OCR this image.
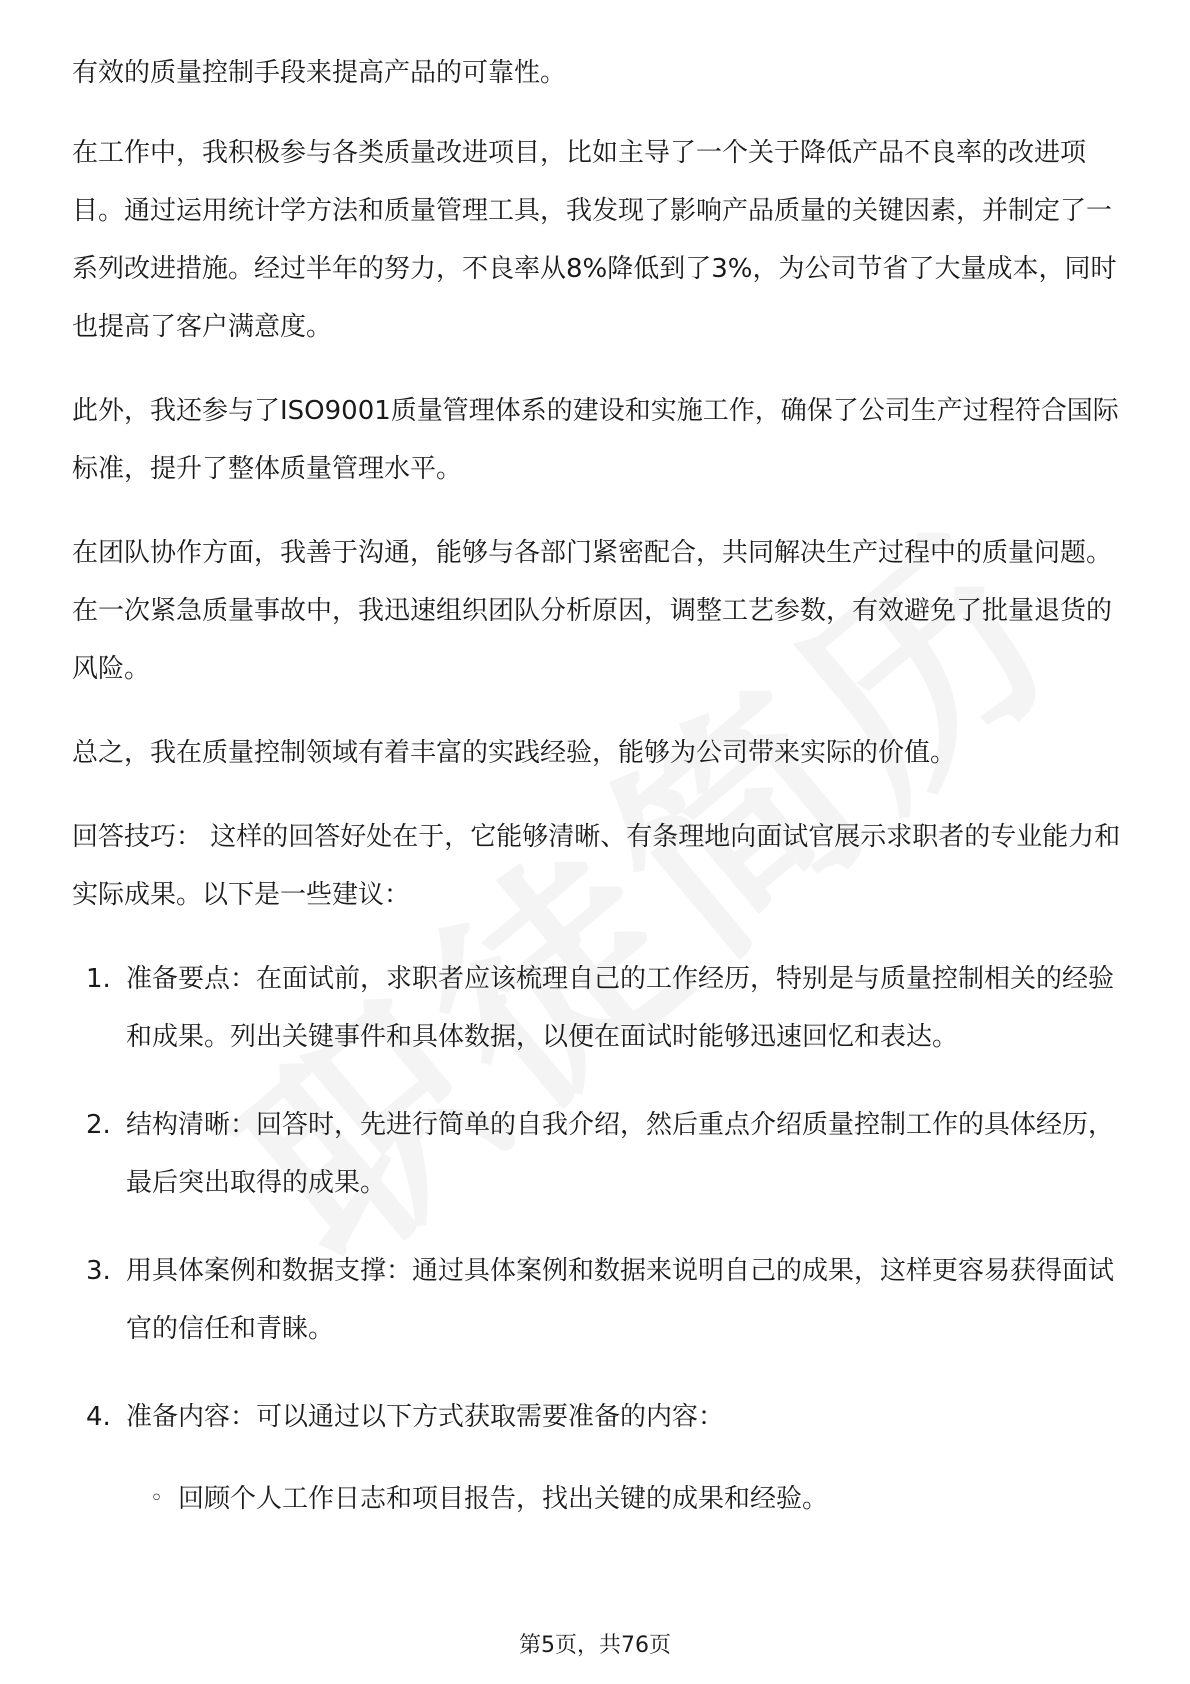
有效的质量控制手段来提高产品的可靠性。

在工作中，我积极参与各类质量改进项目，比如主导了一个关于降低产品不良率的改进项目。通过运用统计学方法和质量管理工具，我发现了影响产品质量的关键因素，并制定了一系列改进措施。经过半年的努力，不良率从8%降低到了3%，为公司节省了大量成本，同时也提高了客户满意度。

此外，我还参与了ISO9001质量管理体系的建设和实施工作，确保了公司生产过程符合国际标准，提升了整体质量管理水平。

在团队协作方面，我善于沟通，能够与各部门紧密配合，共同解决生产过程中的质量问题。在一次紧急质量事故中，我迅速组织团队分析原因，调整工艺参数，有效避免了批量退货的风险。

总之，我在质量控制领域有着丰富的实践经验，能够为公司带来实际的价值。

回答技巧： 这样的回答好处在于，它能够清晰、有条理地向面试官展示求职者的专业能力和实际成果。以下是一些建议：

1. 准备要点：在面试前，求职者应该梳理自己的工作经历，特别是与质量控制相关的经验和成果。列出关键事件和具体数据，以便在面试时能够迅速回忆和表达。
2. 结构清晰：回答时，先进行简单的自我介绍，然后重点介绍质量控制工作的具体经历，最后突出取得的成果。
3. 用具体案例和数据支撑：通过具体案例和数据来说明自己的成果，这样更容易获得面试官的信任和青睐。
4. 准备内容：可以通过以下方式获取需要准备的内容：
◦ 回顾个人工作日志和项目报告，找出关键的成果和经验。
第5页，共76页
